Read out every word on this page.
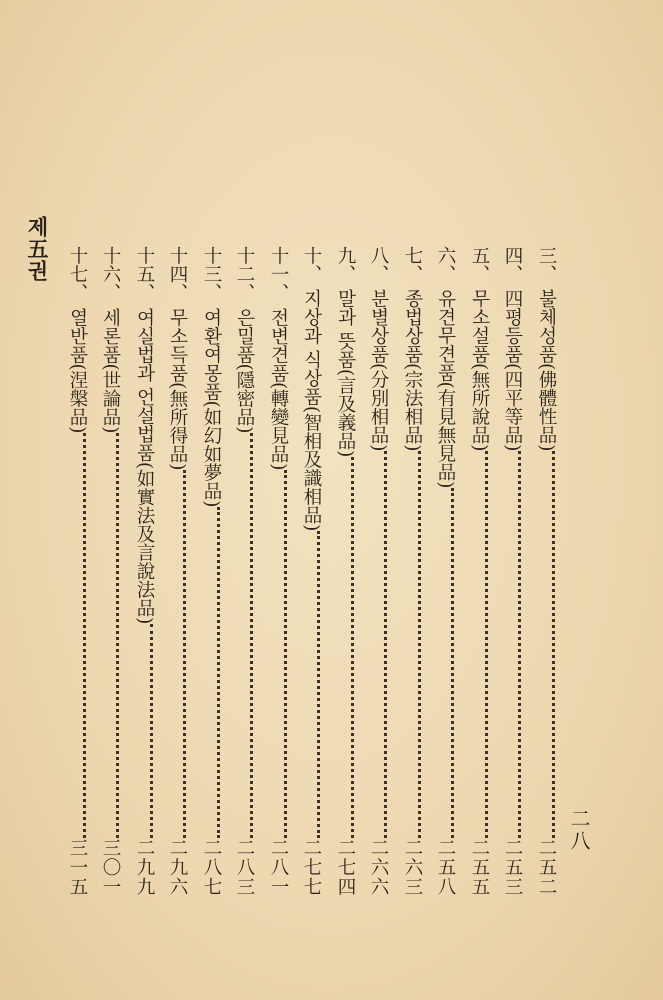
二八
三、
불체성품(佛體性品)
二五二
四、
四평등품(四平等品)
二五三
五、
무소설품(無所說品)
二五五
六、
유견무견품(有見無見品)
二五八
七、
종법상품(宗法相品)
二六三
八、
분별상품(分別相品)
二六六
九、
말과 뜻품(言及義品)
二七四
十、
지상과 식상품(智相及識相品)
二七七
十一、
전변견품(轉變見品)
二八一
十二、
은밀품(隱密品)
二八三
十三、
여환여몽품(如幻如夢品)
二八七
十四、
무소득품(無所得品)
二九六
十五、
여실법과 언설법품(如實法及言說法品)
二九九
十六、
세론품(世論品)
三〇一
十七、
열반품(涅槃品)
三一五
제五권
